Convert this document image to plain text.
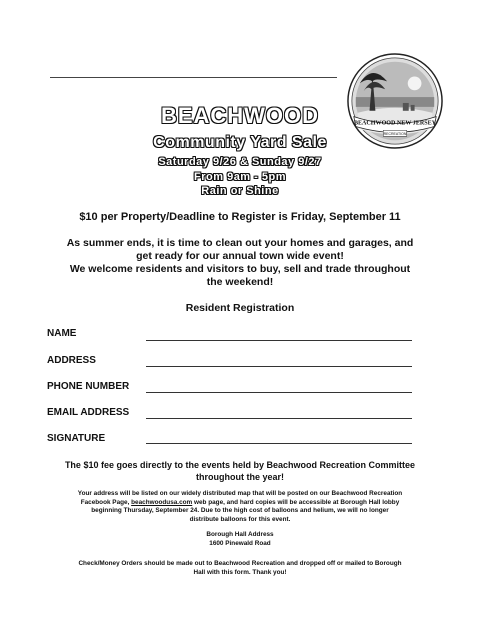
BEACHWOOD NEW JERSEY
RECREATION
BEACHWOOD
Community Yard Sale
Saturday 9/26 & Sunday 9/27
From 9am - 5pm
Rain or Shine
$10 per Property/Deadline to Register is Friday, September 11
As summer ends, it is time to clean out your homes and garages, and
get ready for our annual town wide event!
We welcome residents and visitors to buy, sell and trade throughout
the weekend!
Resident Registration
NAME
ADDRESS
PHONE NUMBER
EMAIL ADDRESS
SIGNATURE
The $10 fee goes directly to the events held by Beachwood Recreation Committee
throughout the year!
Your address will be listed on our widely distributed map that will be posted on our Beachwood Recreation
Facebook Page, beachwoodusa.com web page, and hard copies will be accessible at Borough Hall lobby
beginning Thursday, September 24. Due to the high cost of balloons and helium, we will no longer
distribute balloons for this event.
Borough Hall Address
1600 Pinewald Road
Check/Money Orders should be made out to Beachwood Recreation and dropped off or mailed to Borough
Hall with this form. Thank you!
